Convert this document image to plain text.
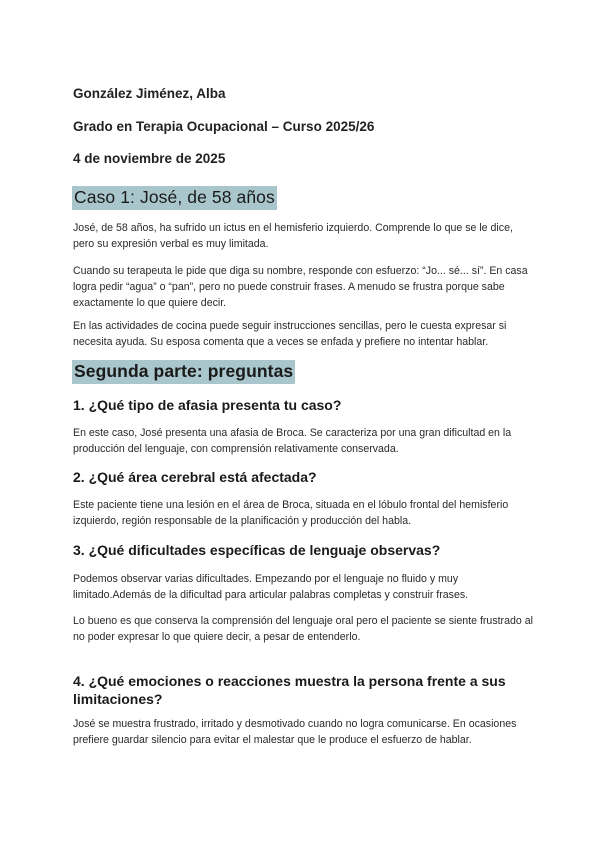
González Jiménez, Alba
Grado en Terapia Ocupacional – Curso 2025/26
4 de noviembre de 2025
Caso 1: José, de 58 años
José, de 58 años, ha sufrido un ictus en el hemisferio izquierdo. Comprende lo que se le dice, pero su expresión verbal es muy limitada.
Cuando su terapeuta le pide que diga su nombre, responde con esfuerzo: “Jo... sé... sí”. En casa logra pedir “agua” o “pan”, pero no puede construir frases. A menudo se frustra porque sabe exactamente lo que quiere decir.
En las actividades de cocina puede seguir instrucciones sencillas, pero le cuesta expresar si necesita ayuda. Su esposa comenta que a veces se enfada y prefiere no intentar hablar.
Segunda parte: preguntas
1. ¿Qué tipo de afasia presenta tu caso?
En este caso, José presenta una afasia de Broca. Se caracteriza por una gran dificultad en la producción del lenguaje, con comprensión relativamente conservada.
2. ¿Qué área cerebral está afectada?
Este paciente tiene una lesión en el área de Broca, situada en el lóbulo frontal del hemisferio izquierdo, región responsable de la planificación y producción del habla.
3. ¿Qué dificultades específicas de lenguaje observas?
Podemos observar varias dificultades. Empezando por el lenguaje no fluido y muy limitado.Además de la dificultad para articular palabras completas y construir frases.
Lo bueno es que conserva la comprensión del lenguaje oral pero el paciente se siente frustrado al no poder expresar lo que quiere decir, a pesar de entenderlo.
4. ¿Qué emociones o reacciones muestra la persona frente a sus limitaciones?
José se muestra frustrado, irritado y desmotivado cuando no logra comunicarse. En ocasiones prefiere guardar silencio para evitar el malestar que le produce el esfuerzo de hablar.
